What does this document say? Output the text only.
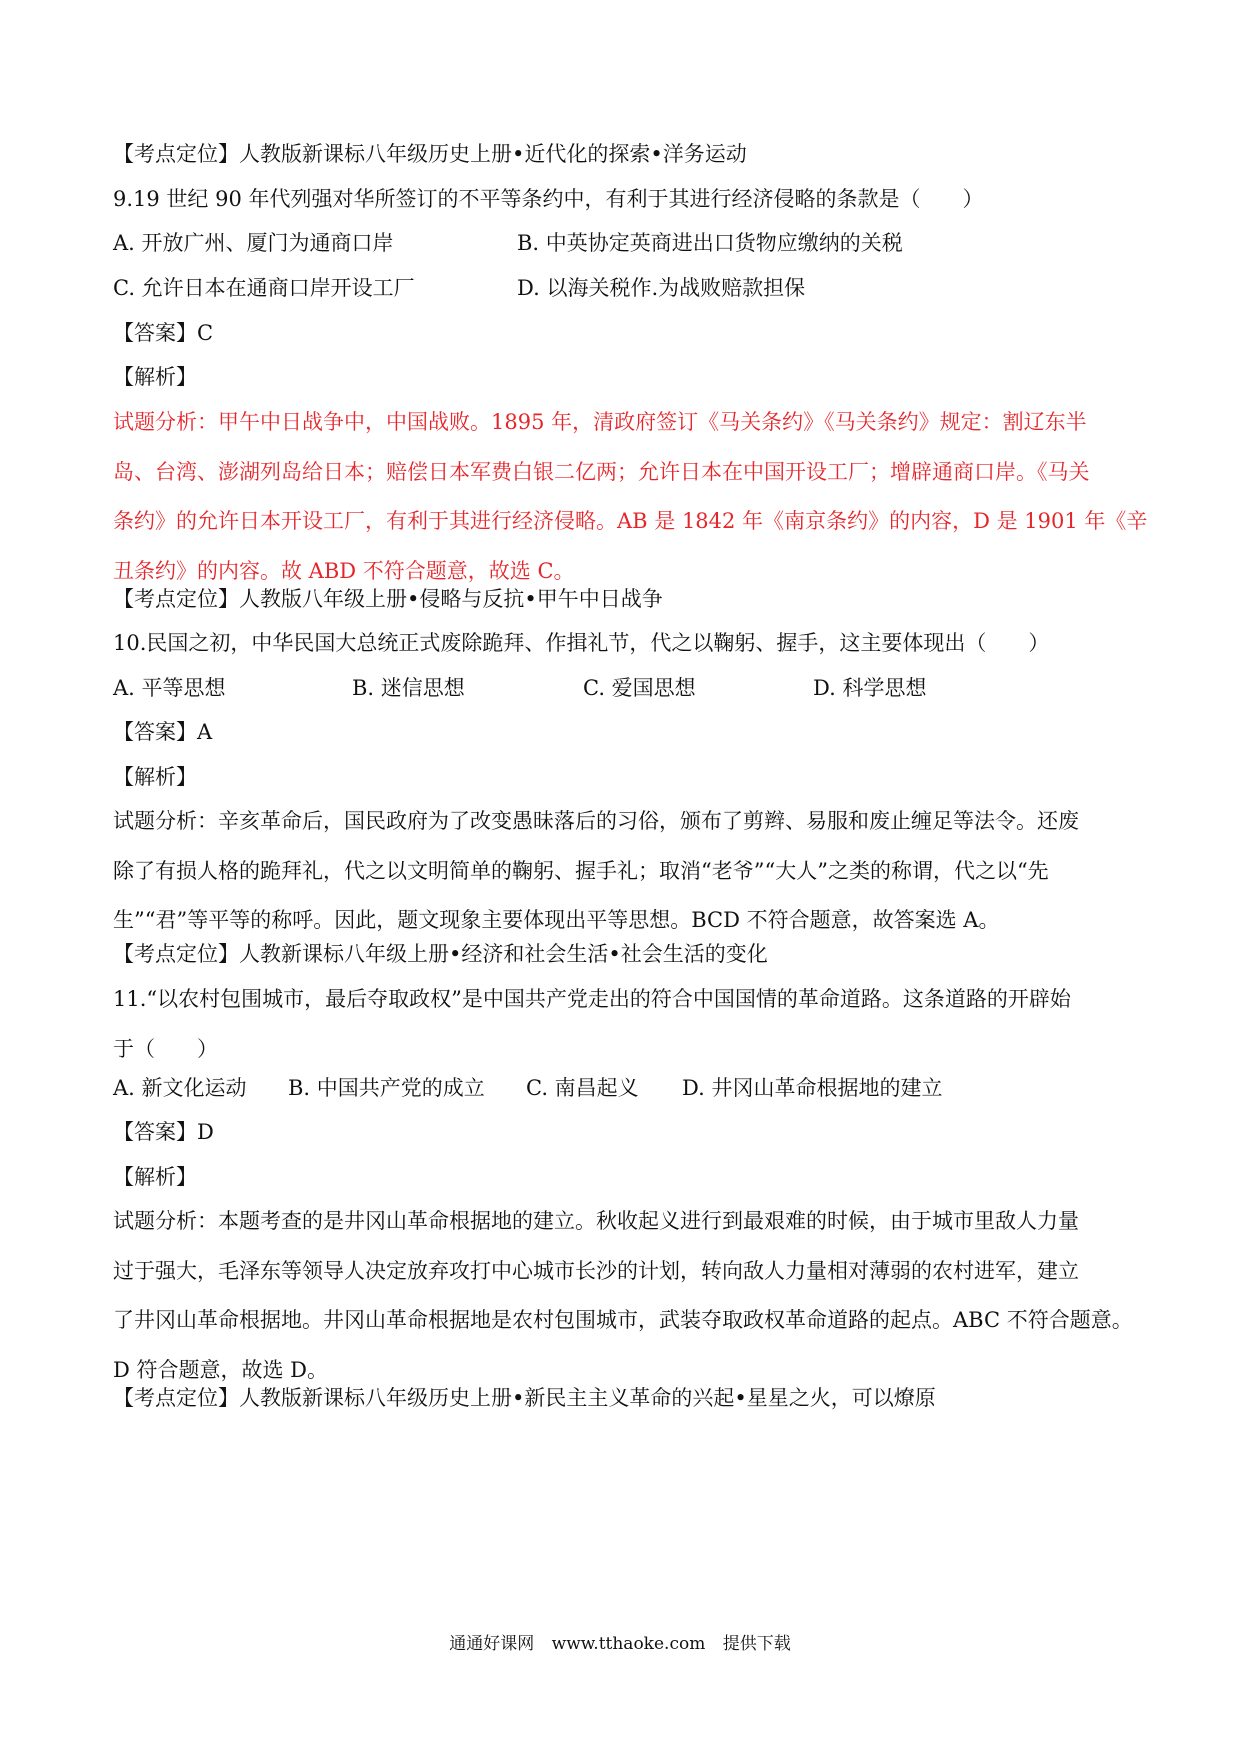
【考点定位】人教版新课标八年级历史上册•近代化的探索•洋务运动
9.19 世纪 90 年代列强对华所签订的不平等条约中，有利于其进行经济侵略的条款是（　　）
A. 开放广州、厦门为通商口岸	B. 中英协定英商进出口货物应缴纳的关税
C. 允许日本在通商口岸开设工厂	D. 以海关税作.为战败赔款担保
【答案】C
【解析】
试题分析：甲午中日战争中，中国战败。1895 年，清政府签订《马关条约》《马关条约》规定：割辽东半
岛、台湾、澎湖列岛给日本；赔偿日本军费白银二亿两；允许日本在中国开设工厂；增辟通商口岸。《马关
条约》的允许日本开设工厂，有利于其进行经济侵略。AB 是 1842 年《南京条约》的内容，D 是 1901 年《辛
丑条约》的内容。故 ABD 不符合题意，故选 C。
【考点定位】人教版八年级上册•侵略与反抗•甲午中日战争
10.民国之初，中华民国大总统正式废除跪拜、作揖礼节，代之以鞠躬、握手，这主要体现出（　　）
A. 平等思想	B. 迷信思想	C. 爱国思想	D. 科学思想
【答案】A
【解析】
试题分析：辛亥革命后，国民政府为了改变愚昧落后的习俗，颁布了剪辫、易服和废止缠足等法令。还废
除了有损人格的跪拜礼，代之以文明简单的鞠躬、握手礼；取消“老爷”“大人”之类的称谓，代之以“先
生”“君”等平等的称呼。因此，题文现象主要体现出平等思想。BCD 不符合题意，故答案选 A。
【考点定位】人教新课标八年级上册•经济和社会生活•社会生活的变化
11.“以农村包围城市，最后夺取政权”是中国共产党走出的符合中国国情的革命道路。这条道路的开辟始
于（　　）
A. 新文化运动 B. 中国共产党的成立 C. 南昌起义 D. 井冈山革命根据地的建立
【答案】D
【解析】
试题分析：本题考查的是井冈山革命根据地的建立。秋收起义进行到最艰难的时候，由于城市里敌人力量
过于强大，毛泽东等领导人决定放弃攻打中心城市长沙的计划，转向敌人力量相对薄弱的农村进军，建立
了井冈山革命根据地。井冈山革命根据地是农村包围城市，武装夺取政权革命道路的起点。ABC 不符合题意。
D 符合题意，故选 D。
【考点定位】人教版新课标八年级历史上册•新民主主义革命的兴起•星星之火，可以燎原
通通好课网 www.tthaoke.com 提供下载
